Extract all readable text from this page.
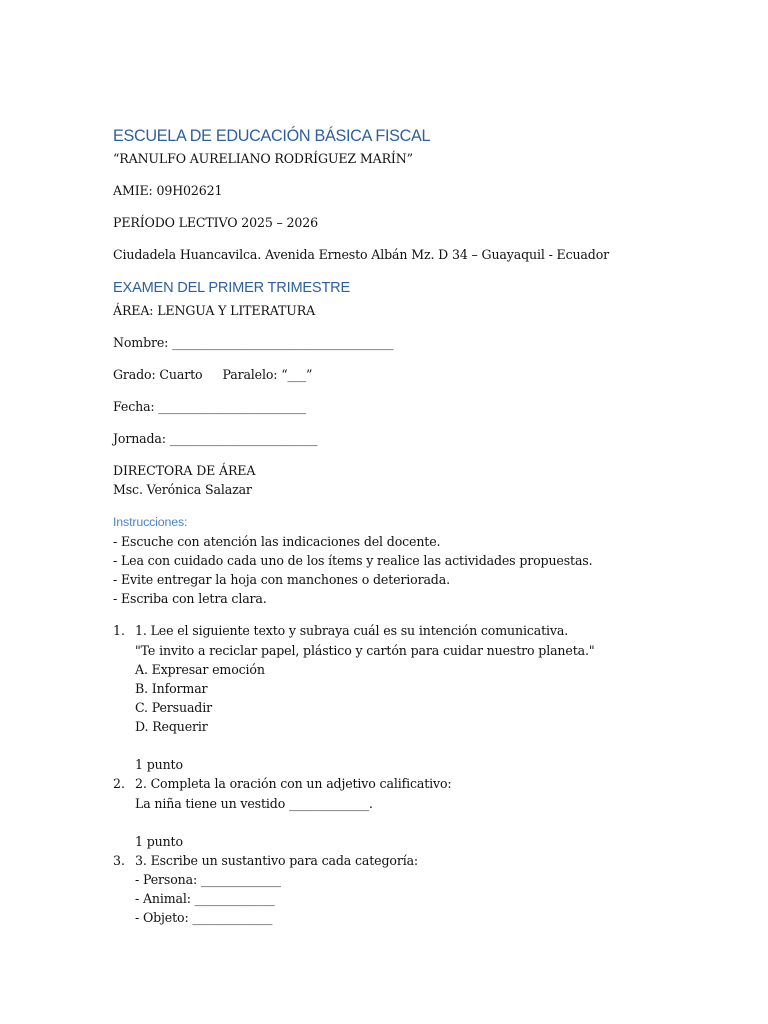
ESCUELA DE EDUCACIÓN BÁSICA FISCAL
“RANULFO AURELIANO RODRÍGUEZ MARÍN”
AMIE: 09H02621
PERÍODO LECTIVO 2025 – 2026
Ciudadela Huancavilca. Avenida Ernesto Albán Mz. D 34 – Guayaquil - Ecuador
EXAMEN DEL PRIMER TRIMESTRE
ÁREA: LENGUA Y LITERATURA
Nombre: ____________________________________
Grado: Cuarto Paralelo: “___”
Fecha: ________________________
Jornada: ________________________
DIRECTORA DE ÁREA
Msc. Verónica Salazar
Instrucciones:
- Escuche con atención las indicaciones del docente.
- Lea con cuidado cada uno de los ítems y realice las actividades propuestas.
- Evite entregar la hoja con manchones o deteriorada.
- Escriba con letra clara.
1. 1. Lee el siguiente texto y subraya cuál es su intención comunicativa.
"Te invito a reciclar papel, plástico y cartón para cuidar nuestro planeta."
A. Expresar emoción
B. Informar
C. Persuadir
D. Requerir
1 punto
2. 2. Completa la oración con un adjetivo calificativo:
La niña tiene un vestido _____________.
1 punto
3. 3. Escribe un sustantivo para cada categoría:
- Persona: _____________
- Animal: _____________
- Objeto: _____________
